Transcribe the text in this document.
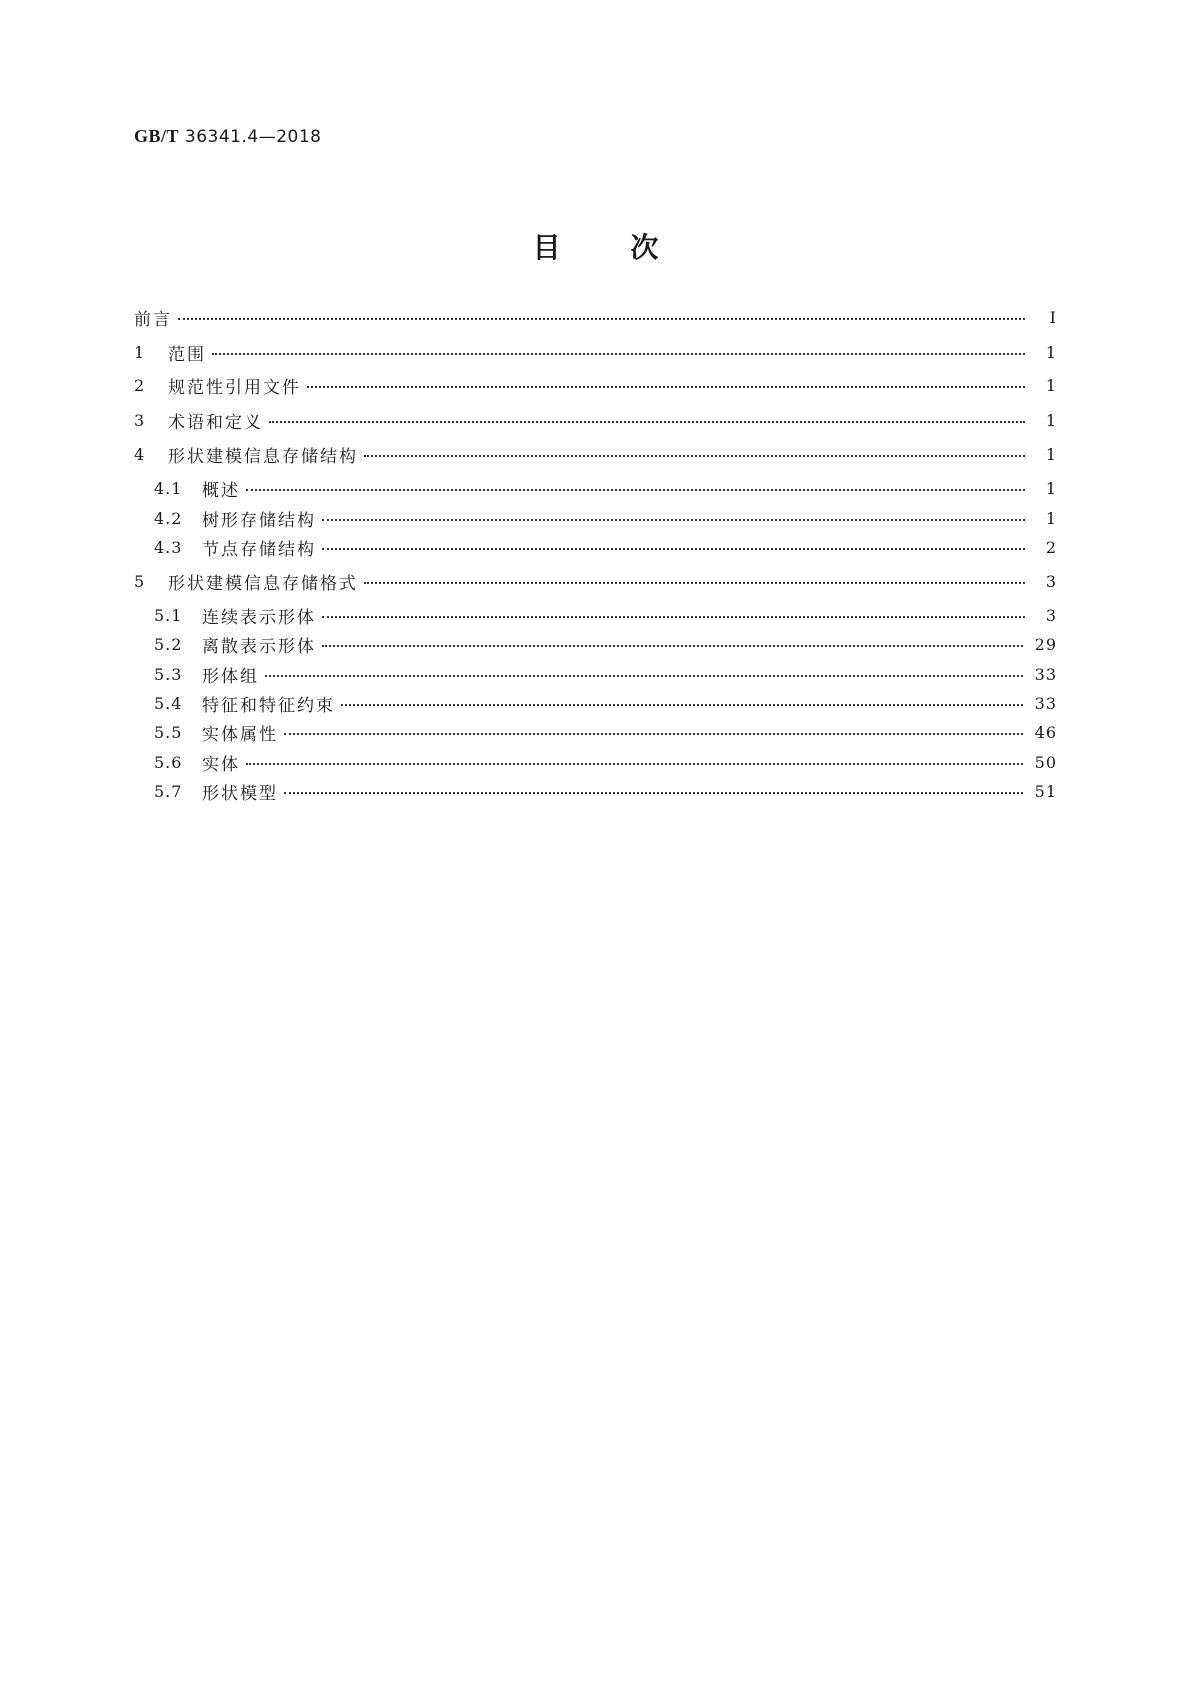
GB/T 36341.4—2018
目 次
前言	Ⅰ
1	范围	1
2	规范性引用文件	1
3	术语和定义	1
4	形状建模信息存储结构	1
4.1	概述	1
4.2	树形存储结构	1
4.3	节点存储结构	2
5	形状建模信息存储格式	3
5.1	连续表示形体	3
5.2	离散表示形体	29
5.3	形体组	33
5.4	特征和特征约束	33
5.5	实体属性	46
5.6	实体	50
5.7	形状模型	51
